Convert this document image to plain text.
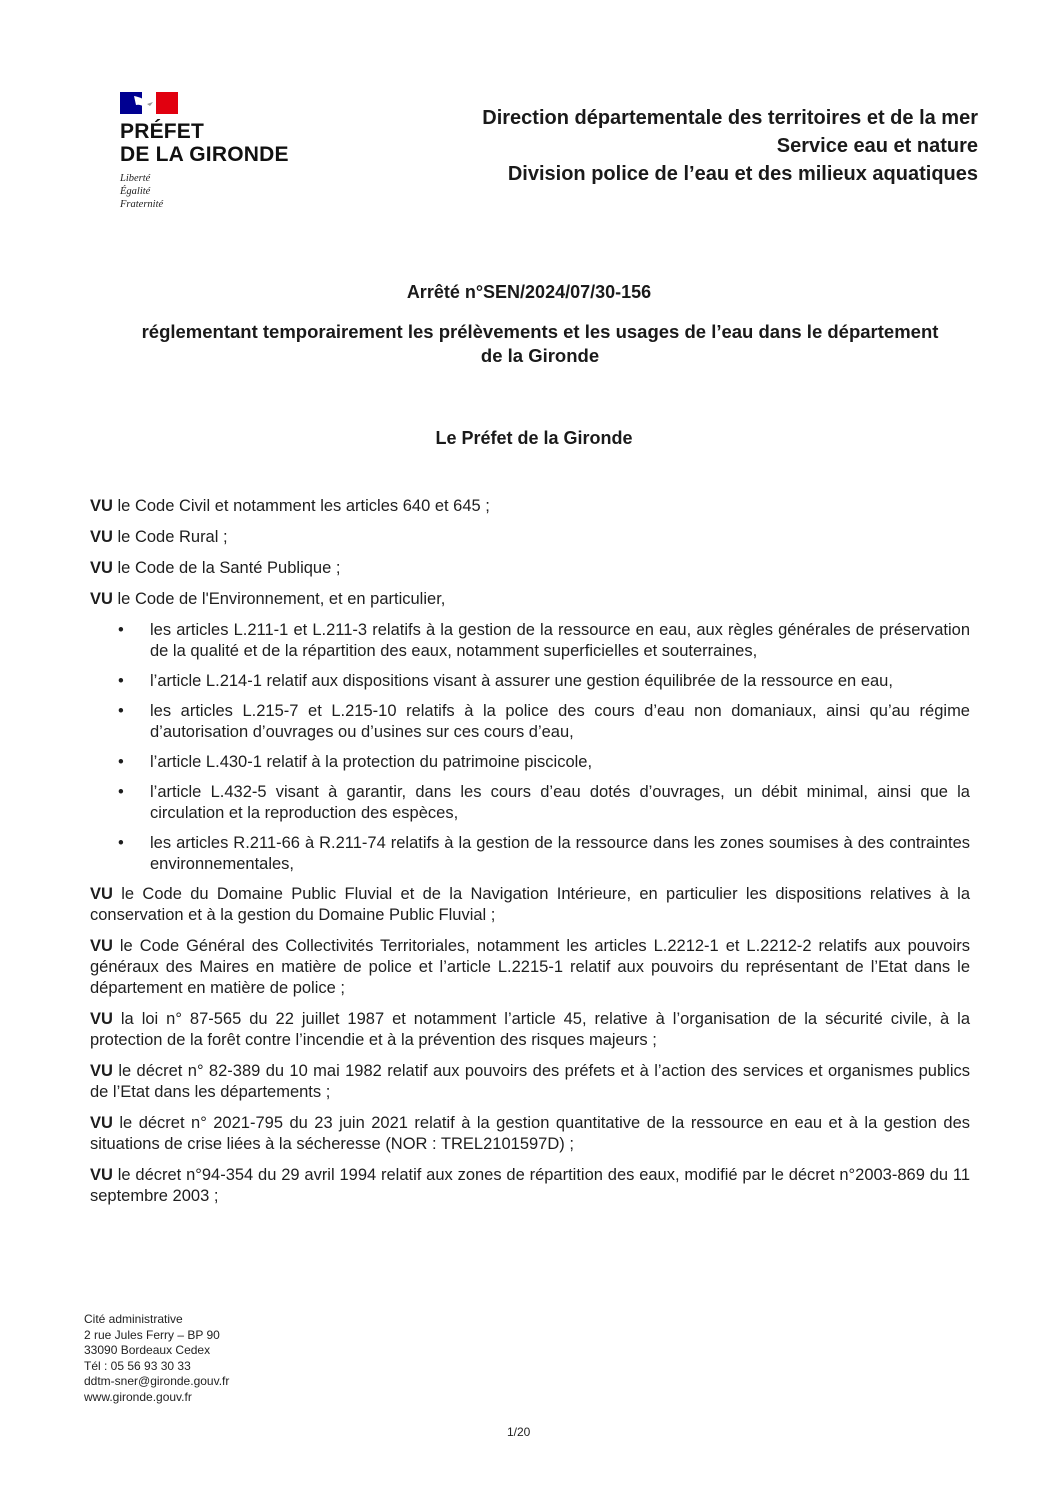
PRÉFET
DE LA GIRONDE
Liberté
Égalité
Fraternité
Direction départementale des territoires et de la mer
Service eau et nature
Division police de l’eau et des milieux aquatiques
Arrêté n°SEN/2024/07/30-156
réglementant temporairement les prélèvements et les usages de l’eau dans le département
de la Gironde
Le Préfet de la Gironde

VU le Code Civil et notamment les articles 640 et 645 ;

VU le Code Rural ;

VU le Code de la Santé Publique ;

VU le Code de l'Environnement, et en particulier,

• les articles L.211-1 et L.211-3 relatifs à la gestion de la ressource en eau, aux règles générales de préservation de la qualité et de la répartition des eaux, notamment superficielles et souterraines,
• l’article L.214-1 relatif aux dispositions visant à assurer une gestion équilibrée de la ressource en eau,
• les articles L.215-7 et L.215-10 relatifs à la police des cours d’eau non domaniaux, ainsi qu’au régime d’autorisation d’ouvrages ou d’usines sur ces cours d’eau,
• l’article L.430-1 relatif à la protection du patrimoine piscicole,
• l’article L.432-5 visant à garantir, dans les cours d’eau dotés d’ouvrages, un débit minimal, ainsi que la circulation et la reproduction des espèces,
• les articles R.211-66 à R.211-74 relatifs à la gestion de la ressource dans les zones soumises à des contraintes environnementales,

VU le Code du Domaine Public Fluvial et de la Navigation Intérieure, en particulier les dispositions relatives à la conservation et à la gestion du Domaine Public Fluvial ;

VU le Code Général des Collectivités Territoriales, notamment les articles L.2212-1 et L.2212-2 relatifs aux pouvoirs généraux des Maires en matière de police et l’article L.2215-1 relatif aux pouvoirs du représentant de l’Etat dans le département en matière de police ;

VU la loi n° 87-565 du 22 juillet 1987 et notamment l’article 45, relative à l’organisation de la sécurité civile, à la protection de la forêt contre l’incendie et à la prévention des risques majeurs ;

VU le décret n° 82-389 du 10 mai 1982 relatif aux pouvoirs des préfets et à l’action des services et organismes publics de l’Etat dans les départements ;

VU le décret n° 2021-795 du 23 juin 2021 relatif à la gestion quantitative de la ressource en eau et à la gestion des situations de crise liées à la sécheresse (NOR : TREL2101597D) ;

VU le décret n°94-354 du 29 avril 1994 relatif aux zones de répartition des eaux, modifié par le décret n°2003-869 du 11 septembre 2003 ;

Cité administrative
2 rue Jules Ferry – BP 90
33090 Bordeaux Cedex
Tél : 05 56 93 30 33
ddtm-sner@gironde.gouv.fr
www.gironde.gouv.fr
1/20
